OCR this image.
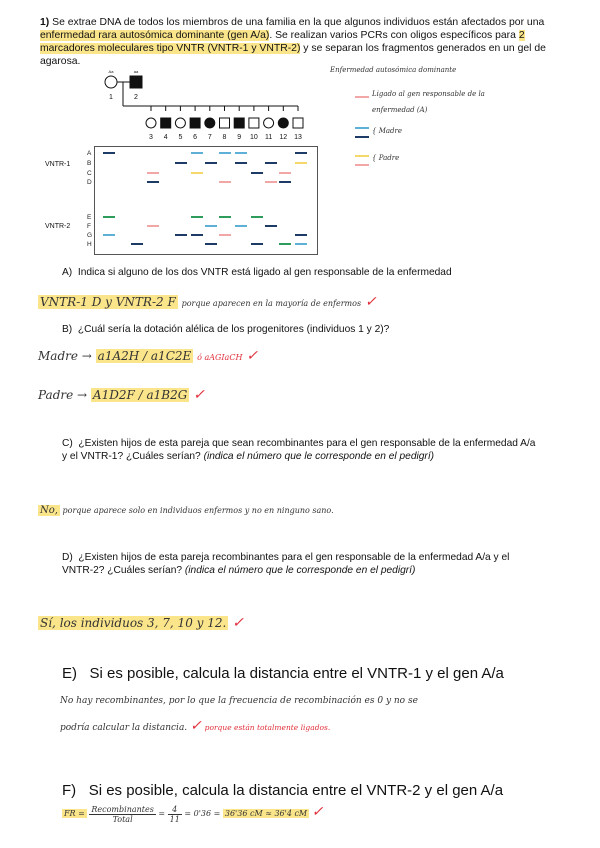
1) Se extrae DNA de todos los miembros de una familia en la que algunos individuos están afectados por una enfermedad rara autosómica dominante (gen A/a). Se realizan varios PCRs con oligos específicos para 2 marcadores moleculares tipo VNTR (VNTR-1 y VNTR-2) y se separan los fragmentos generados en un gel de agarosa.
Aa	aa
1	2
3 4 5 6 7 8 9 10 11 12 13
Enfermedad autosómica dominante
Ligado al gen responsable de la enfermedad (A)
{ Madre
{ Padre
VNTR-1
VNTR-2
A
B
C
D
E
F
G
H
A) Indica si alguno de los dos VNTR está ligado al gen responsable de la enfermedad
VNTR-1 D y VNTR-2 F porque aparecen en la mayoría de enfermos ✓
B) ¿Cuál sería la dotación alélica de los progenitores (individuos 1 y 2)?
Madre → a1A2H / a1C2E ó aAGIaCH ✓
Padre → A1D2F / a1B2G ✓
C) ¿Existen hijos de esta pareja que sean recombinantes para el gen responsable de la enfermedad A/a y el VNTR-1? ¿Cuáles serían? (indica el número que le corresponde en el pedigrí)
No, porque aparece solo en individuos enfermos y no en ninguno sano.
D) ¿Existen hijos de esta pareja recombinantes para el gen responsable de la enfermedad A/a y el VNTR-2? ¿Cuáles serían? (indica el número que le corresponde en el pedigrí)
Sí, los individuos 3, 7, 10 y 12. ✓
E) Si es posible, calcula la distancia entre el VNTR-1 y el gen A/a
No hay recombinantes, por lo que la frecuencia de recombinación es 0 y no se
podría calcular la distancia. ✓ porque están totalmente ligados.
F) Si es posible, calcula la distancia entre el VNTR-2 y el gen A/a
FR = $\frac{\text{Recombinantes}}{\text{Total}} = \frac{4}{11} = 0'36 = 36'36$ cM ≈ 36'4 cM ✓
